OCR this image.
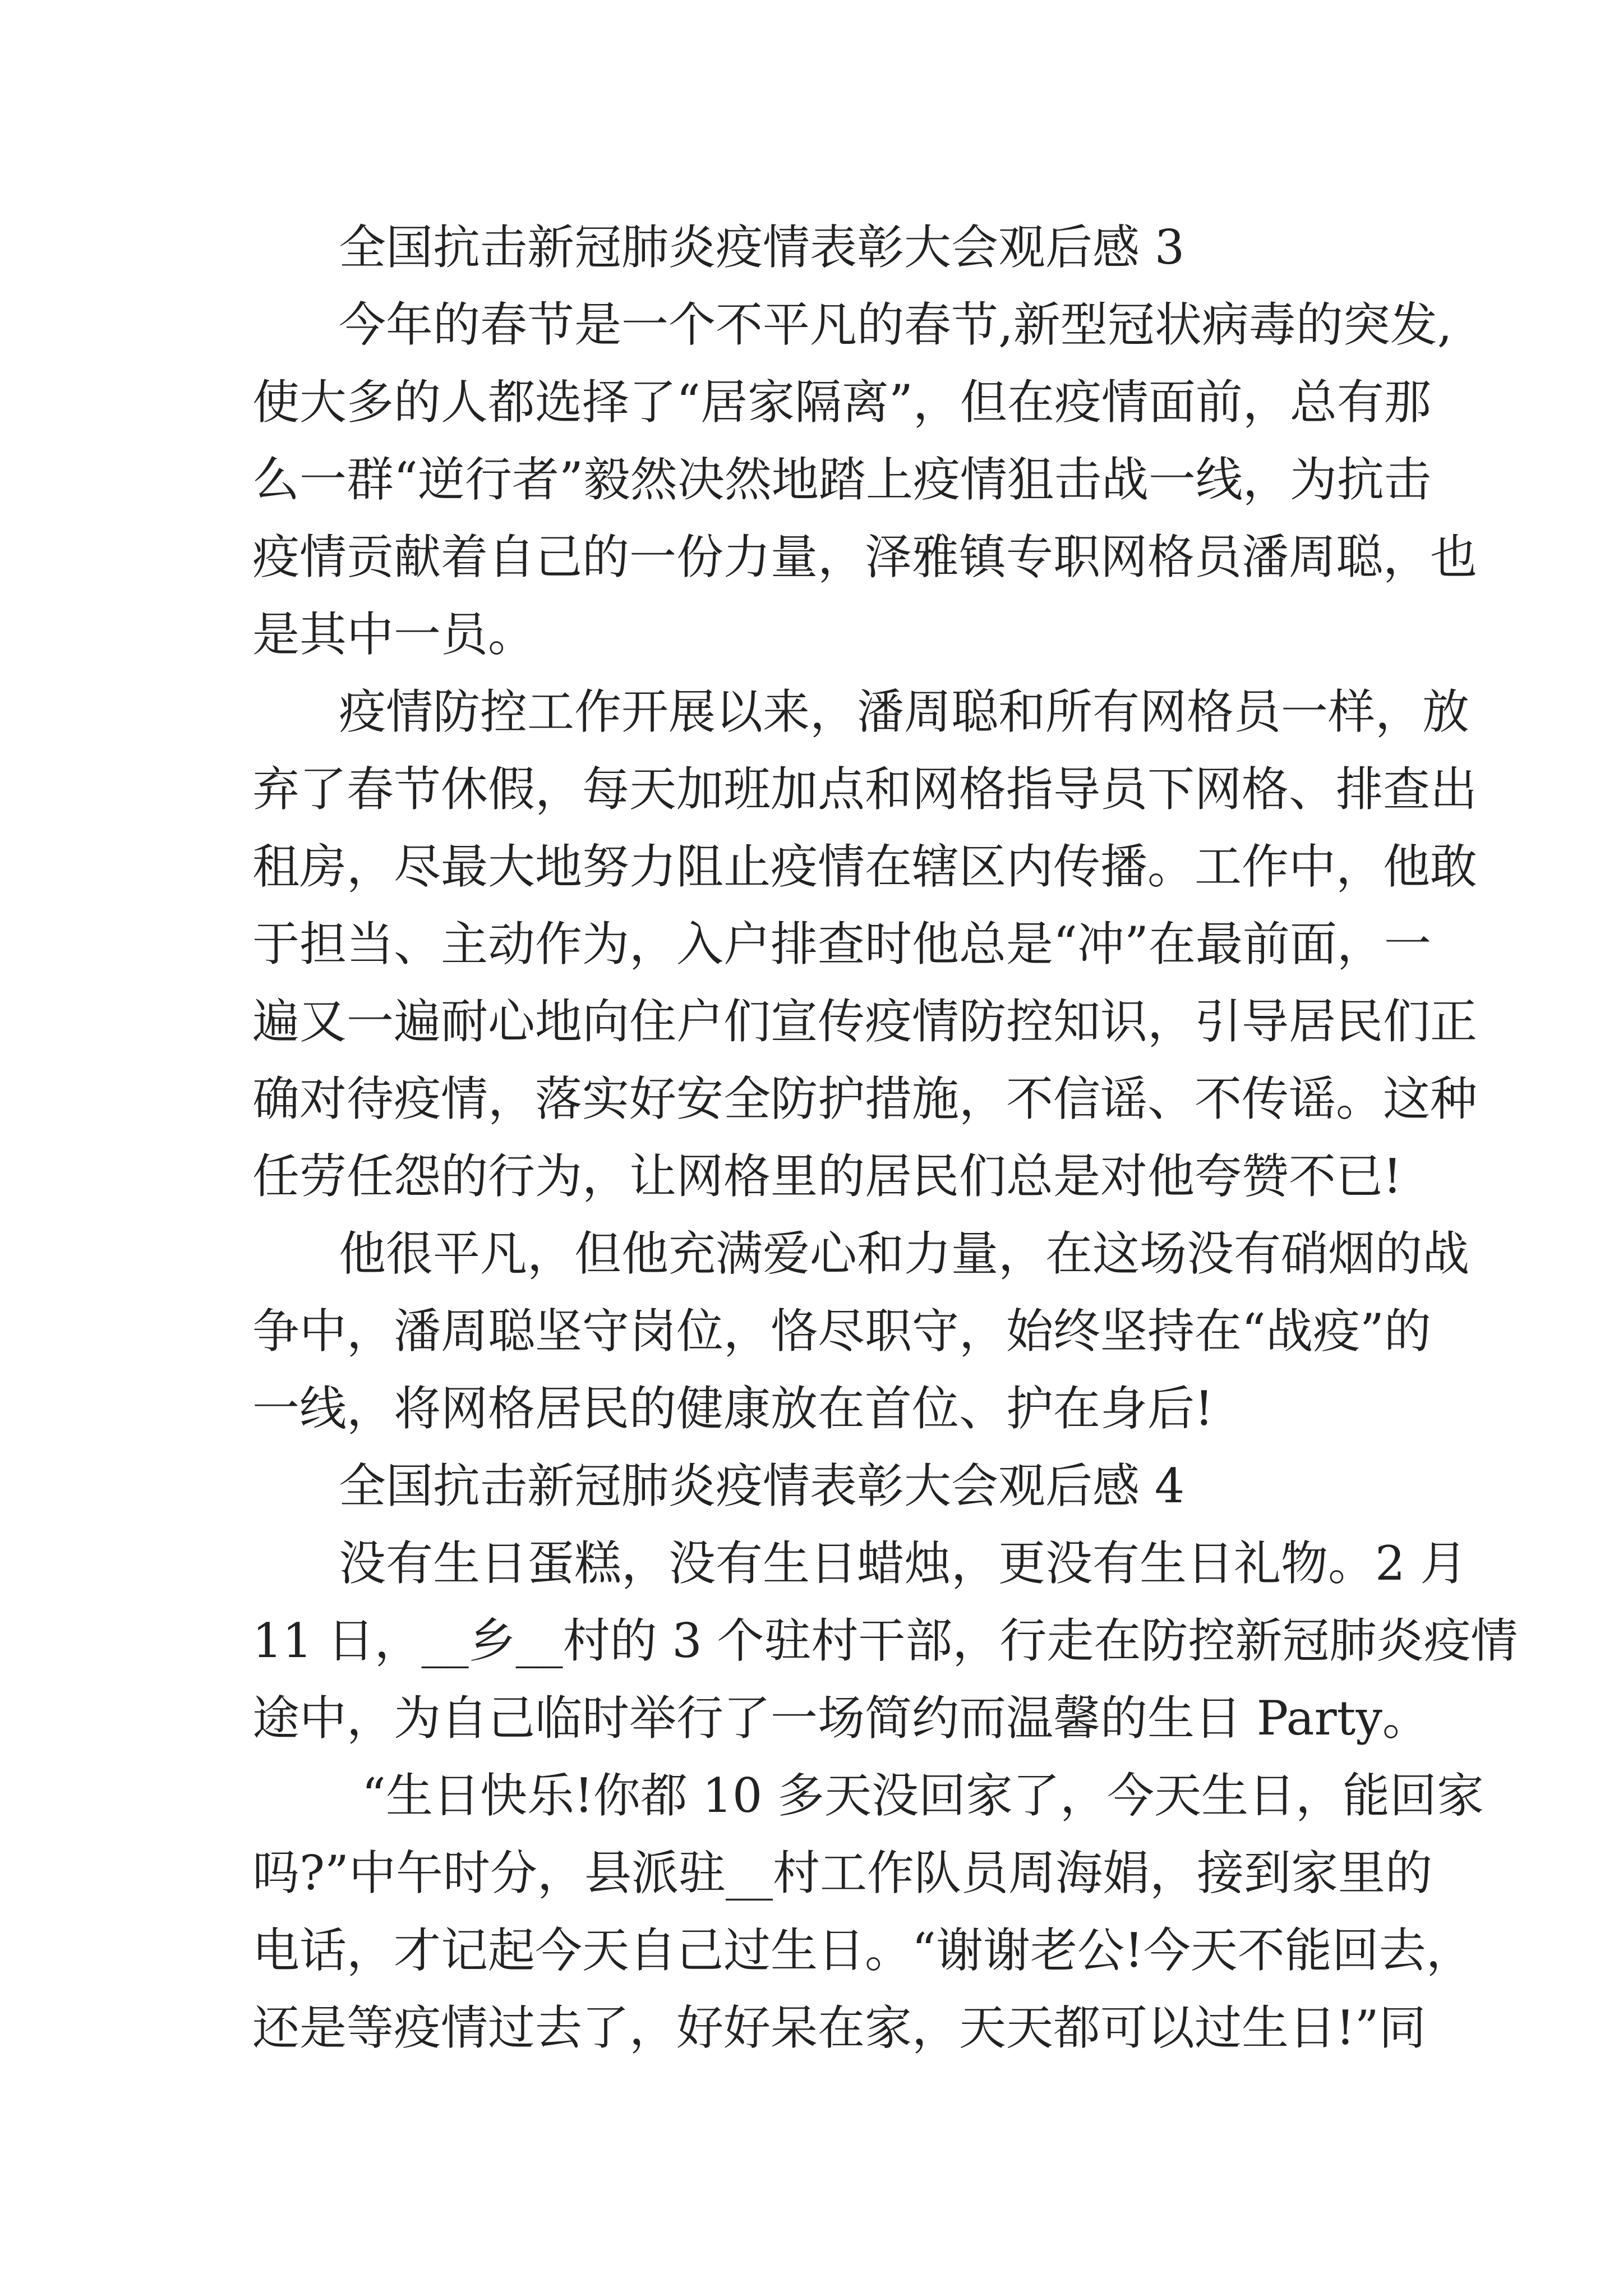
全国抗击新冠肺炎疫情表彰大会观后感 3

今年的春节是一个不平凡的春节,新型冠状病毒的突发,

使大多的人都选择了“居家隔离”，但在疫情面前，总有那

么一群“逆行者”毅然决然地踏上疫情狙击战一线，为抗击

疫情贡献着自己的一份力量，泽雅镇专职网格员潘周聪，也

是其中一员。

疫情防控工作开展以来，潘周聪和所有网格员一样，放

弃了春节休假，每天加班加点和网格指导员下网格、排查出

租房，尽最大地努力阻止疫情在辖区内传播。工作中，他敢

于担当、主动作为，入户排查时他总是“冲”在最前面，一

遍又一遍耐心地向住户们宣传疫情防控知识，引导居民们正

确对待疫情，落实好安全防护措施，不信谣、不传谣。这种

任劳任怨的行为，让网格里的居民们总是对他夸赞不已!

他很平凡，但他充满爱心和力量，在这场没有硝烟的战

争中，潘周聪坚守岗位，恪尽职守，始终坚持在“战疫”的

一线，将网格居民的健康放在首位、护在身后!

全国抗击新冠肺炎疫情表彰大会观后感 4

没有生日蛋糕，没有生日蜡烛，更没有生日礼物。2 月

11 日，__乡__村的 3 个驻村干部，行走在防控新冠肺炎疫情

途中，为自己临时举行了一场简约而温馨的生日 Party。

“生日快乐!你都 10 多天没回家了，今天生日，能回家

吗?”中午时分，县派驻__村工作队员周海娟，接到家里的

电话，才记起今天自己过生日。“谢谢老公!今天不能回去，

还是等疫情过去了，好好呆在家，天天都可以过生日!”同
